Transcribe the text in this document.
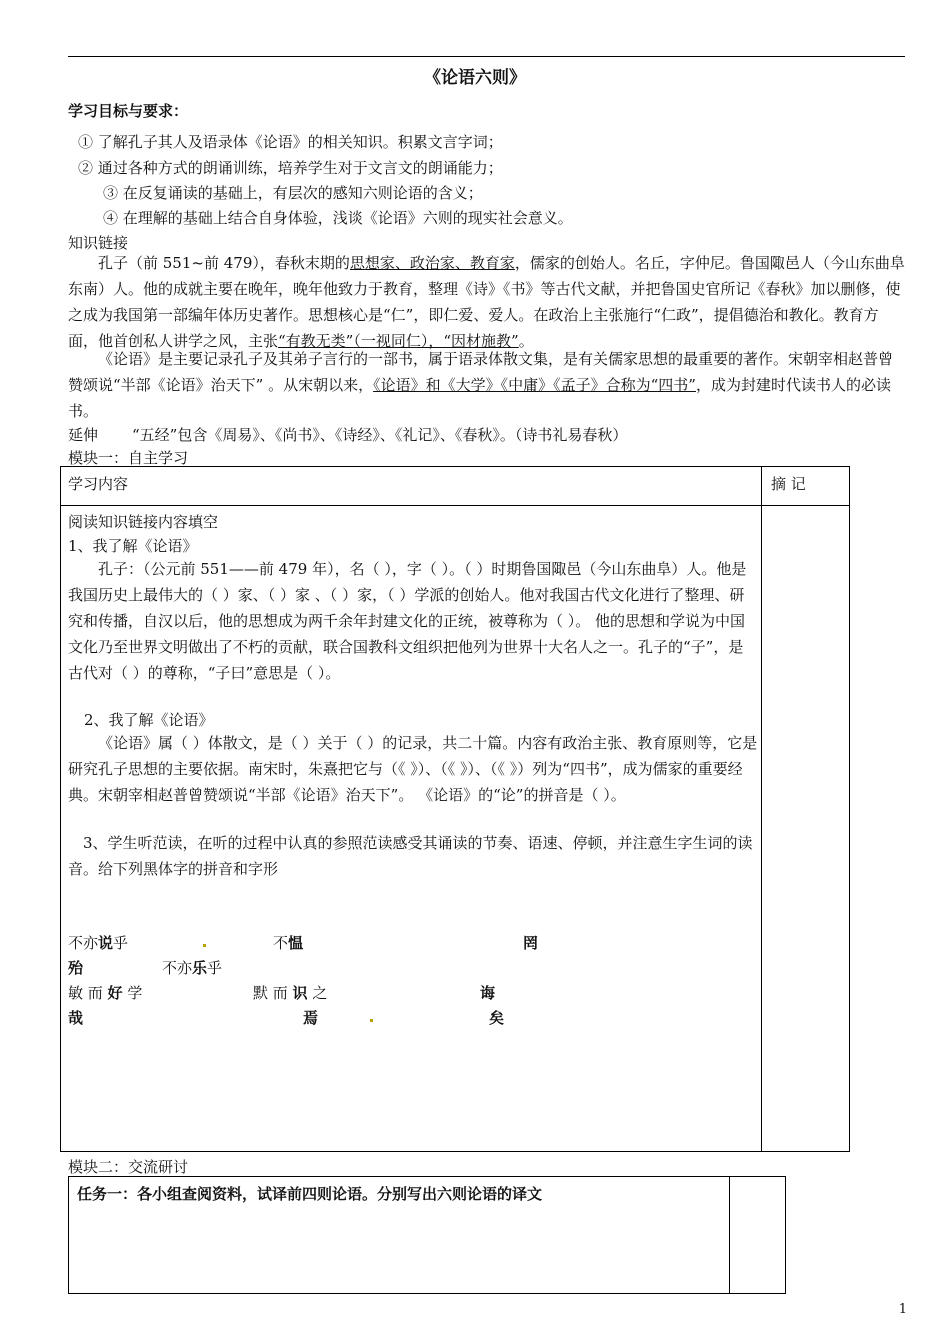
《论语六则》
学习目标与要求：
① 了解孔子其人及语录体《论语》的相关知识。积累文言字词；
② 通过各种方式的朗诵训练，培养学生对于文言文的朗诵能力；
③ 在反复诵读的基础上，有层次的感知六则论语的含义；
④ 在理解的基础上结合自身体验，浅谈《论语》六则的现实社会意义。
知识链接
孔子（前 551~前 479），春秋末期的思想家、政治家、教育家，儒家的创始人。名丘，字仲尼。鲁国陬邑人（今山东曲阜东南）人。他的成就主要在晚年，晚年他致力于教育，整理《诗》《书》等古代文献，并把鲁国史官所记《春秋》加以删修，使之成为我国第一部编年体历史著作。思想核心是“仁”，即仁爱、爱人。在政治上主张施行“仁政”，提倡德治和教化。教育方面，他首创私人讲学之风，主张“有教无类”（一视同仁），“因材施教”。
《论语》是主要记录孔子及其弟子言行的一部书，属于语录体散文集，是有关儒家思想的最重要的著作。宋朝宰相赵普曾赞颂说“半部《论语》治天下” 。从宋朝以来，《论语》和《大学》《中庸》《孟子》合称为“四书”，成为封建时代读书人的必读书。
延伸 “五经”包含《周易》、《尚书》、《诗经》、《礼记》、《春秋》。（诗书礼易春秋）
模块一：自主学习
学习内容	摘 记
阅读知识链接内容填空
1、我了解《论语》
孔子：（公元前 551——前 479 年），名（ ），字（ ）。（ ）时期鲁国陬邑（今山东曲阜）人。他是我国历史上最伟大的（ ）家、（ ）家 、（ ）家，（ ）学派的创始人。他对我国古代文化进行了整理、研究和传播，自汉以后，他的思想成为两千余年封建文化的正统，被尊称为（ ）。 他的思想和学说为中国文化乃至世界文明做出了不朽的贡献，联合国教科文组织把他列为世界十大名人之一。孔子的“子”，是古代对（ ）的尊称，“子曰”意思是（ ）。
2、我了解《论语》
《论语》属（ ）体散文，是（ ）关于（ ）的记录，共二十篇。内容有政治主张、教育原则等，它是研究孔子思想的主要依据。南宋时，朱熹把它与（《 》）、（《 》）、（《 》）列为“四书”，成为儒家的重要经典。宋朝宰相赵普曾赞颂说“半部《论语》治天下”。 《论语》的“论”的拼音是（ ）。
3、学生听范读，在听的过程中认真的参照范读感受其诵读的节奏、语速、停顿，并注意生字生词的读音。给下列黑体字的拼音和字形
不亦说乎	不愠	罔
殆	不亦乐乎
敏 而 好 学	默 而 识 之	诲
哉	焉	矣
模块二：交流研讨
任务一：各小组查阅资料，试译前四则论语。分别写出六则论语的译文
1
